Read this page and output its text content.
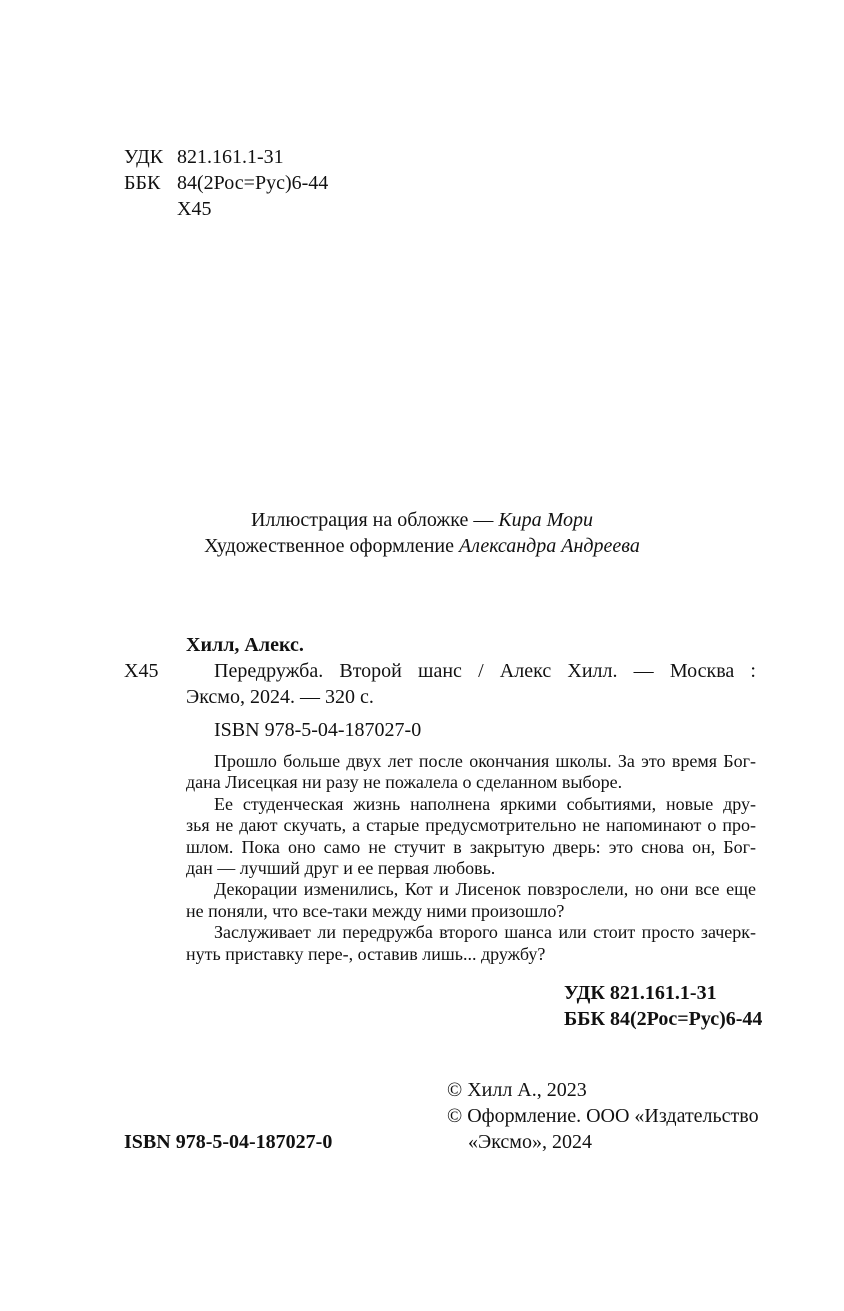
УДК 821.161.1-31
ББК 84(2Рос=Рус)6-44
Х45
Иллюстрация на обложке — Кира Мори
Художественное оформление Александра Андреева
Хилл, Алекс.
Х45	Передружба. Второй шанс / Алекс Хилл. — Москва :
Эксмо, 2024. — 320 с.
ISBN 978-5-04-187027-0
Прошло больше двух лет после окончания школы. За это время Бог-
дана Лисецкая ни разу не пожалела о сделанном выборе.
Ее студенческая жизнь наполнена яркими событиями, новые дру-
зья не дают скучать, а старые предусмотрительно не напоминают о про-
шлом. Пока оно само не стучит в закрытую дверь: это снова он, Бог-
дан — лучший друг и ее первая любовь.
Декорации изменились, Кот и Лисенок повзрослели, но они все еще
не поняли, что все-таки между ними произошло?
Заслуживает ли передружба второго шанса или стоит просто зачерк-
нуть приставку пере-, оставив лишь... дружбу?
УДК 821.161.1-31
ББК 84(2Рос=Рус)6-44
© Хилл А., 2023
© Оформление. ООО «Издательство
«Эксмо», 2024
ISBN 978-5-04-187027-0
